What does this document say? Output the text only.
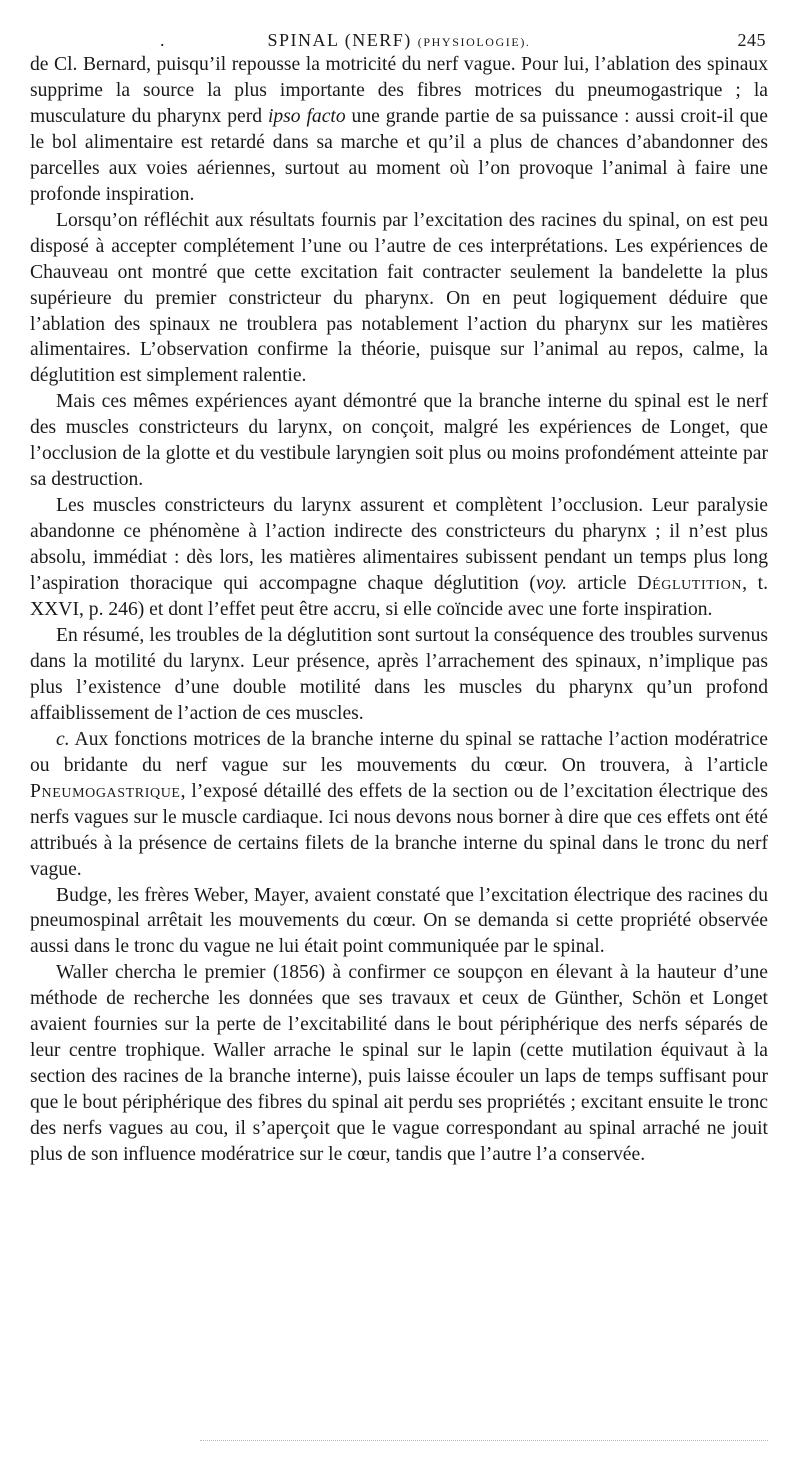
.	SPINAL (NERF) (PHYSIOLOGIE).	245

de Cl. Bernard, puisqu’il repousse la motricité du nerf vague. Pour lui, l’ablation des spinaux supprime la source la plus importante des fibres motrices du pneumogastrique ; la musculature du pharynx perd ipso facto une grande partie de sa puissance : aussi croit-il que le bol alimentaire est retardé dans sa marche et qu’il a plus de chances d’abandonner des parcelles aux voies aériennes, surtout au moment où l’on provoque l’animal à faire une profonde inspiration.

Lorsqu’on réfléchit aux résultats fournis par l’excitation des racines du spinal, on est peu disposé à accepter complétement l’une ou l’autre de ces interprétations. Les expériences de Chauveau ont montré que cette excitation fait contracter seulement la bandelette la plus supérieure du premier constricteur du pharynx. On en peut logiquement déduire que l’ablation des spinaux ne troublera pas notablement l’action du pharynx sur les matières alimentaires. L’observation confirme la théorie, puisque sur l’animal au repos, calme, la déglutition est simplement ralentie.

Mais ces mêmes expériences ayant démontré que la branche interne du spinal est le nerf des muscles constricteurs du larynx, on conçoit, malgré les expériences de Longet, que l’occlusion de la glotte et du vestibule laryngien soit plus ou moins profondément atteinte par sa destruction.

Les muscles constricteurs du larynx assurent et complètent l’occlusion. Leur paralysie abandonne ce phénomène à l’action indirecte des constricteurs du pharynx ; il n’est plus absolu, immédiat : dès lors, les matières alimentaires subissent pendant un temps plus long l’aspiration thoracique qui accompagne chaque déglutition (voy. article Déglutition, t. XXVI, p. 246) et dont l’effet peut être accru, si elle coïncide avec une forte inspiration.

En résumé, les troubles de la déglutition sont surtout la conséquence des troubles survenus dans la motilité du larynx. Leur présence, après l’arrachement des spinaux, n’implique pas plus l’existence d’une double motilité dans les muscles du pharynx qu’un profond affaiblissement de l’action de ces muscles.

c. Aux fonctions motrices de la branche interne du spinal se rattache l’action modératrice ou bridante du nerf vague sur les mouvements du cœur. On trouvera, à l’article Pneumogastrique, l’exposé détaillé des effets de la section ou de l’excitation électrique des nerfs vagues sur le muscle cardiaque. Ici nous devons nous borner à dire que ces effets ont été attribués à la présence de certains filets de la branche interne du spinal dans le tronc du nerf vague.

Budge, les frères Weber, Mayer, avaient constaté que l’excitation électrique des racines du pneumospinal arrêtait les mouvements du cœur. On se demanda si cette propriété observée aussi dans le tronc du vague ne lui était point communiquée par le spinal.

Waller chercha le premier (1856) à confirmer ce soupçon en élevant à la hauteur d’une méthode de recherche les données que ses travaux et ceux de Günther, Schön et Longet avaient fournies sur la perte de l’excitabilité dans le bout périphérique des nerfs séparés de leur centre trophique. Waller arrache le spinal sur le lapin (cette mutilation équivaut à la section des racines de la branche interne), puis laisse écouler un laps de temps suffisant pour que le bout périphérique des fibres du spinal ait perdu ses propriétés ; excitant ensuite le tronc des nerfs vagues au cou, il s’aperçoit que le vague correspondant au spinal arraché ne jouit plus de son influence modératrice sur le cœur, tandis que l’autre l’a conservée.
